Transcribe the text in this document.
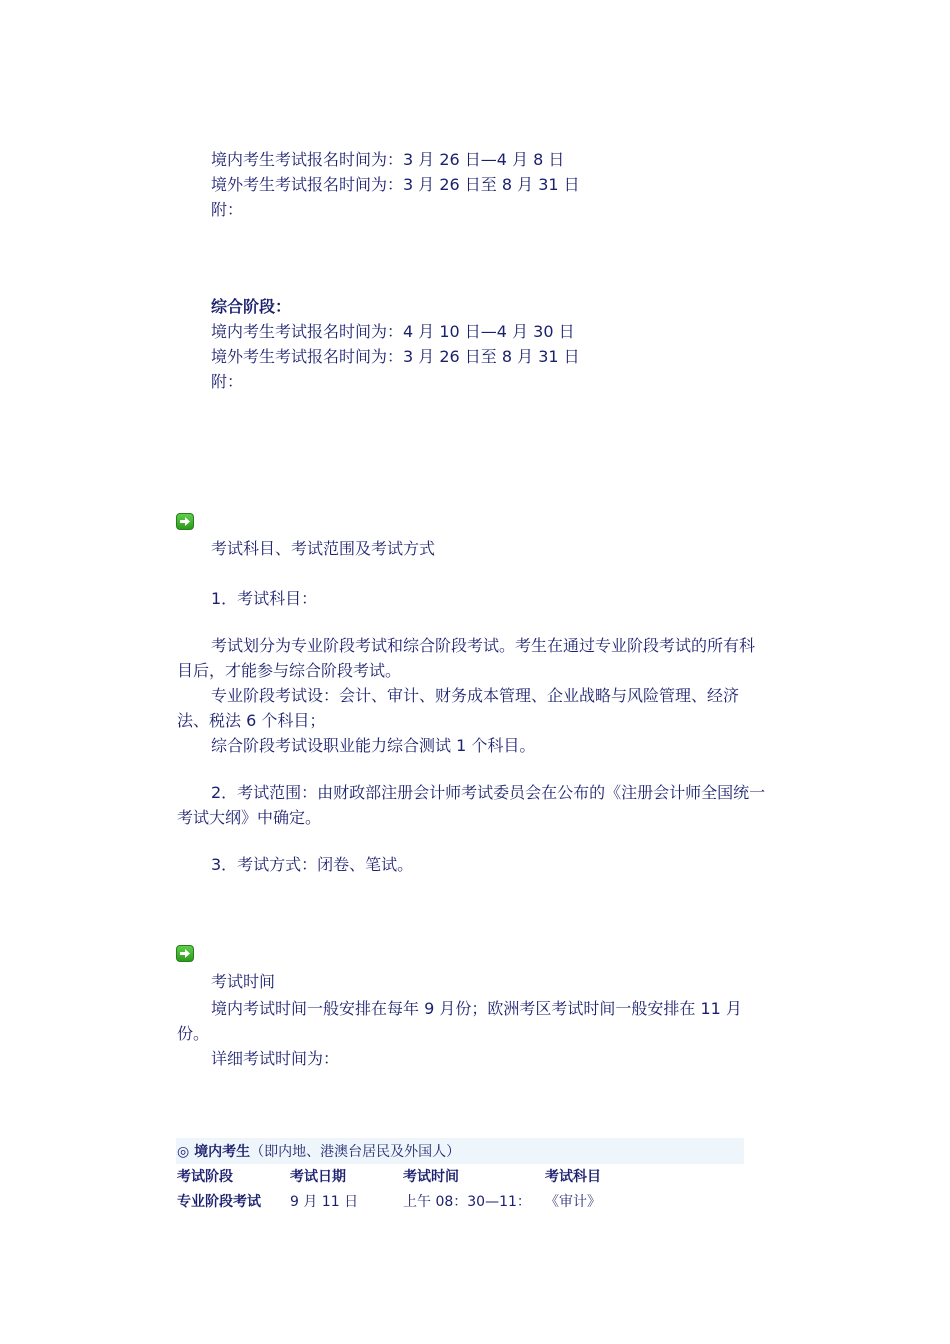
境内考生考试报名时间为：3 月 26 日—4 月 8 日

境外考生考试报名时间为：3 月 26 日至 8 月 31 日

附：

综合阶段：

境内考生考试报名时间为：4 月 10 日—4 月 30 日

境外考生考试报名时间为：3 月 26 日至 8 月 31 日

附：

考试科目、考试范围及考试方式

1．考试科目：

考试划分为专业阶段考试和综合阶段考试。考生在通过专业阶段考试的所有科目后，才能参与综合阶段考试。

专业阶段考试设：会计、审计、财务成本管理、企业战略与风险管理、经济法、税法 6 个科目；

综合阶段考试设职业能力综合测试 1 个科目。

2．考试范围：由财政部注册会计师考试委员会在公布的《注册会计师全国统一考试大纲》中确定。

3．考试方式：闭卷、笔试。

考试时间

境内考试时间一般安排在每年 9 月份；欧洲考区考试时间一般安排在 11 月份。

详细考试时间为：

◎ 境内考生（即内地、港澳台居民及外国人）
考试阶段	考试日期	考试时间	考试科目
专业阶段考试 9 月 11 日	上午 08：30—11： 《审计》
